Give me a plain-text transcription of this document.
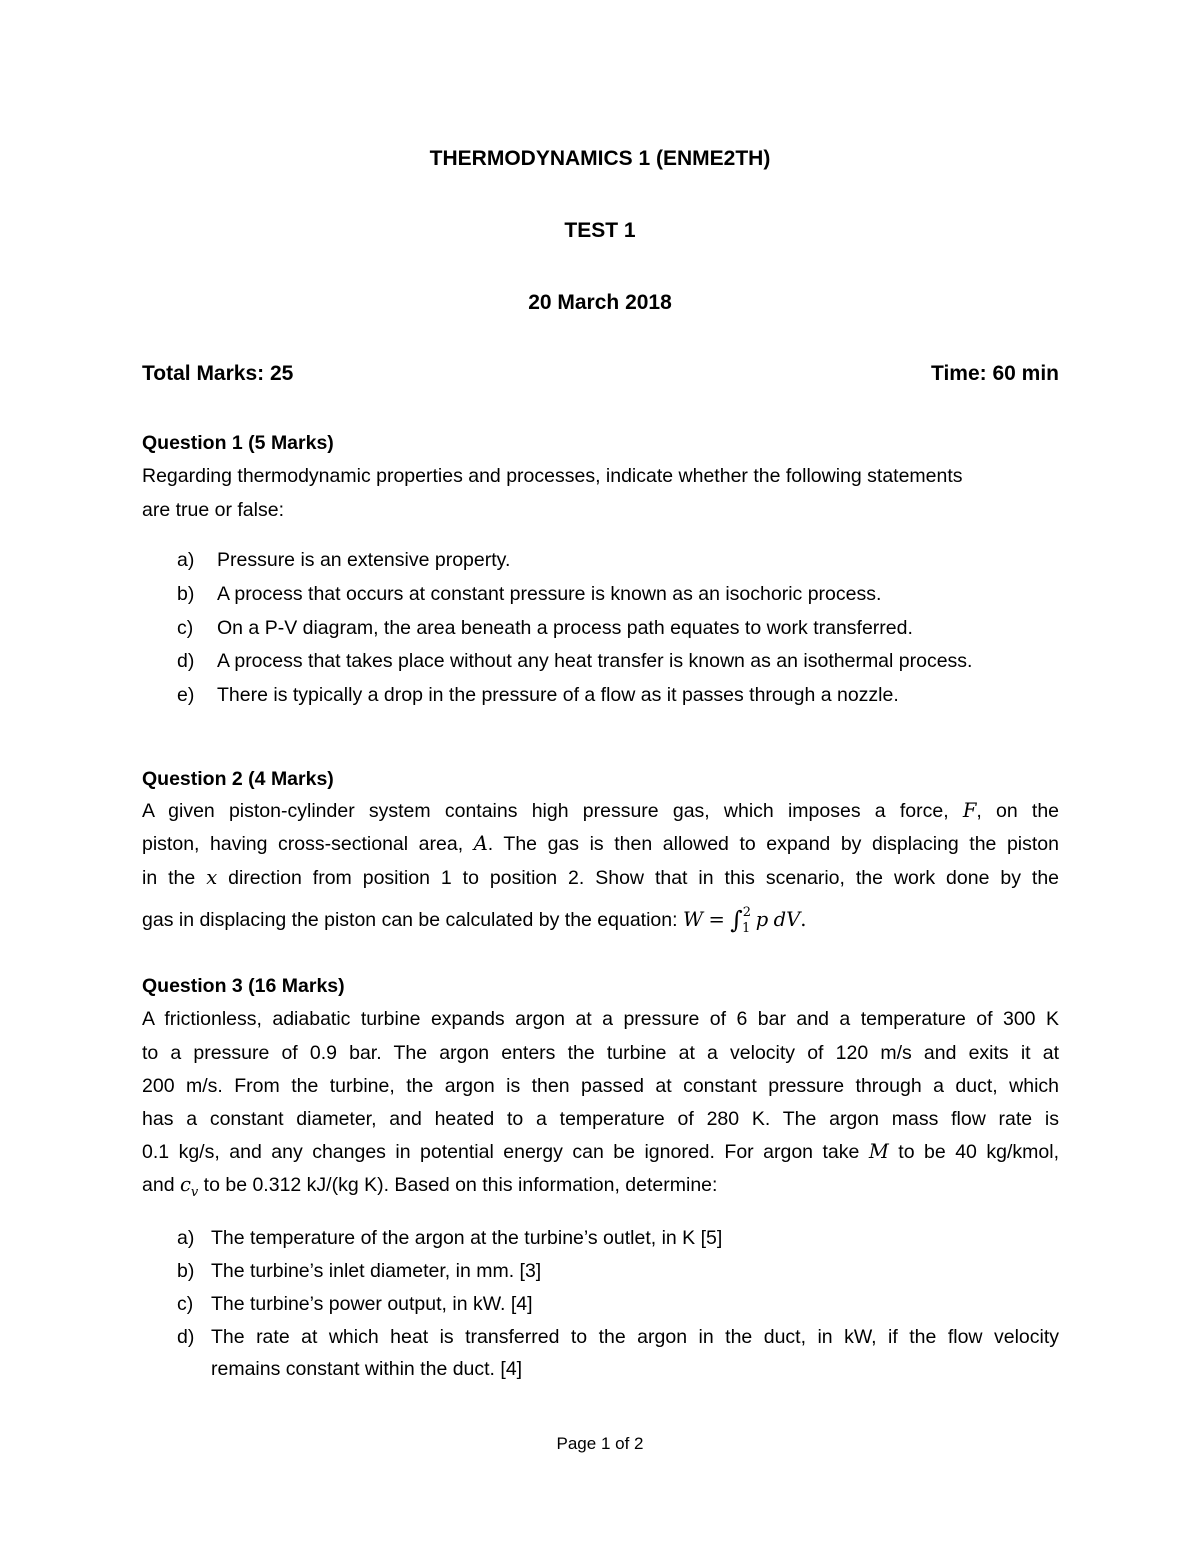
THERMODYNAMICS 1 (ENME2TH)
TEST 1
20 March 2018
Total Marks: 25	Time: 60 min
Question 1 (5 Marks)
Regarding thermodynamic properties and processes, indicate whether the following statements
are true or false:
a) Pressure is an extensive property.
b) A process that occurs at constant pressure is known as an isochoric process.
c) On a P-V diagram, the area beneath a process path equates to work transferred.
d) A process that takes place without any heat transfer is known as an isothermal process.
e) There is typically a drop in the pressure of a flow as it passes through a nozzle.
Question 2 (4 Marks)
A given piston-cylinder system contains high pressure gas, which imposes a force, F, on the
piston, having cross-sectional area, A. The gas is then allowed to expand by displacing the piston
in the x direction from position 1 to position 2. Show that in this scenario, the work done by the
gas in displacing the piston can be calculated by the equation: W = ∫$^2_1$ p dV.
Question 3 (16 Marks)
A frictionless, adiabatic turbine expands argon at a pressure of 6 bar and a temperature of 300 K
to a pressure of 0.9 bar. The argon enters the turbine at a velocity of 120 m/s and exits it at
200 m/s. From the turbine, the argon is then passed at constant pressure through a duct, which
has a constant diameter, and heated to a temperature of 280 K. The argon mass flow rate is
0.1 kg/s, and any changes in potential energy can be ignored. For argon take M to be 40 kg/kmol,
and $c_v$ to be 0.312 kJ/(kg K). Based on this information, determine:
a) The temperature of the argon at the turbine’s outlet, in K [5]
b) The turbine’s inlet diameter, in mm. [3]
c) The turbine’s power output, in kW. [4]
d) The rate at which heat is transferred to the argon in the duct, in kW, if the flow velocity
remains constant within the duct. [4]
Page 1 of 2
